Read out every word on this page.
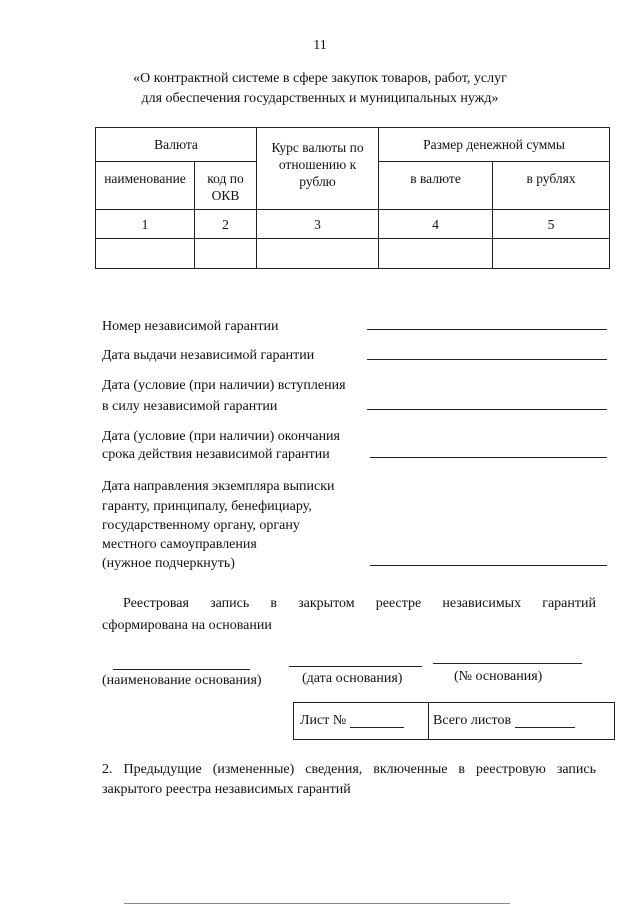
11
«О контрактной системе в сфере закупок товаров, работ, услуг
для обеспечения государственных и муниципальных нужд»
Валюта		Курс валюты по отношению к рублю	Размер денежной суммы	
наименование	код по ОКВ		в валюте	в рублях
1	2	3	4	5

Номер независимой гарантии
Дата выдачи независимой гарантии
Дата (условие (при наличии) вступления
в силу независимой гарантии
Дата (условие (при наличии) окончания
срока действия независимой гарантии
Дата направления экземпляра выписки
гаранту, принципалу, бенефициару,
государственному органу, органу
местного самоуправления
(нужное подчеркнуть)
Реестровая запись в закрытом реестре независимых гарантий
сформирована на основании
(наименование основания)	(дата основания)	(№ основания)
Лист №	Всего листов
2. Предыдущие (измененные) сведения, включенные в реестровую запись
закрытого реестра независимых гарантий
